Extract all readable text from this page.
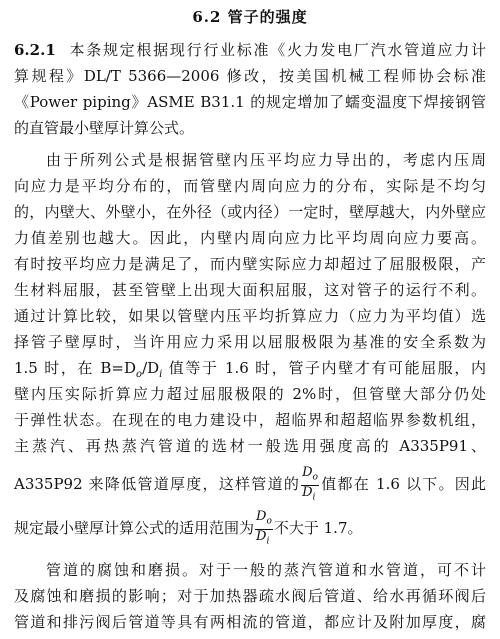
6.2 管子的强度
6.2.1 本条规定根据现行行业标准《火力发电厂汽水管道应力计
算规程》DL/T 5366—2006 修改，按美国机械工程师协会标准
《Power piping》ASME B31.1 的规定增加了蠕变温度下焊接钢管
的直管最小壁厚计算公式。
由于所列公式是根据管壁内压平均应力导出的，考虑内压周
向应力是平均分布的，而管壁内周向应力的分布，实际是不均匀
的，内壁大、外壁小，在外径（或内径）一定时，壁厚越大，内外壁应
力值差别也越大。因此，内壁内周向应力比平均周向应力要高。
有时按平均应力是满足了，而内壁实际应力却超过了屈服极限，产
生材料屈服，甚至管壁上出现大面积屈服，这对管子的运行不利。
通过计算比较，如果以管壁内压平均折算应力（应力为平均值）选
择管子壁厚时，当许用应力采用以屈服极限为基准的安全系数为
1.5 时，在 $B=D_o/D_i$ 值等于 1.6 时，管子内壁才有可能屈服，内
壁内压实际折算应力超过屈服极限的 2%时，但管壁大部分仍处
于弹性状态。在现在的电力建设中，超临界和超超临界参数机组，
主蒸汽、再热蒸汽管道的选材一般选用强度高的 A335P91、
A335P92 来降低管道厚度，这样管道的 $\frac{D_o}{D_i}$ 值都在 1.6 以下。因此
规定最小壁厚计算公式的适用范围为 $\frac{D_o}{D_i}$ 不大于 1.7。
管道的腐蚀和磨损。对于一般的蒸汽管道和水管道，可不计
及腐蚀和磨损的影响；对于加热器疏水阀后管道、给水再循环阀后
管道和排污阀后管道等具有两相流的管道，都应计及附加厚度，腐
